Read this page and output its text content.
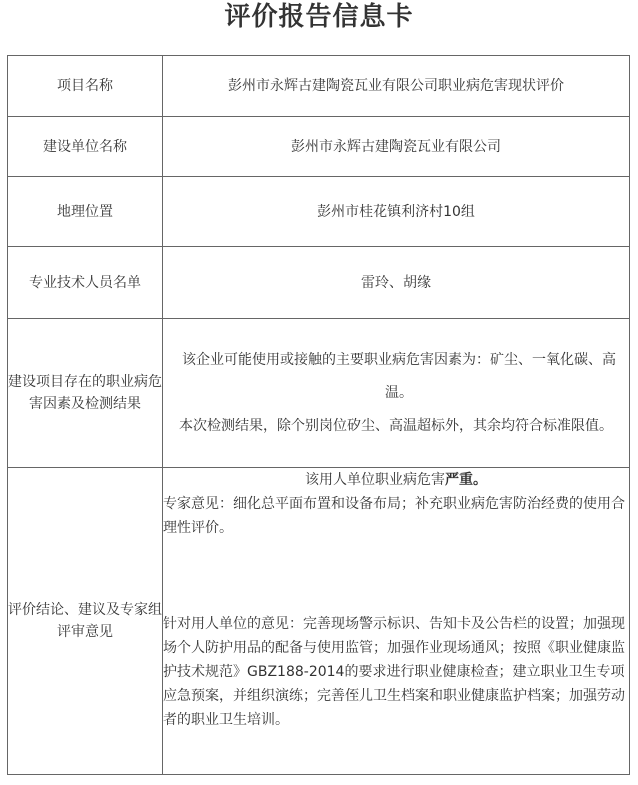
评价报告信息卡
项目名称	彭州市永辉古建陶瓷瓦业有限公司职业病危害现状评价
建设单位名称	彭州市永辉古建陶瓷瓦业有限公司
地理位置	彭州市桂花镇利济村10组
专业技术人员名单	雷玲、胡缘
建设项目存在的职业病危害因素及检测结果	该企业可能使用或接触的主要职业病危害因素为：矿尘、一氧化碳、高温。

本次检测结果，除个别岗位矽尘、高温超标外，其余均符合标准限值。

评价结论、建议及专家组评审意见	该用人单位职业病危害严重。

专家意见：细化总平面布置和设备布局；补充职业病危害防治经费的使用合理性评价。

针对用人单位的意见：完善现场警示标识、告知卡及公告栏的设置；加强现场个人防护用品的配备与使用监管；加强作业现场通风；按照《职业健康监护技术规范》GBZ188-2014的要求进行职业健康检查；建立职业卫生专项应急预案，并组织演练；完善侄儿卫生档案和职业健康监护档案；加强劳动者的职业卫生培训。
